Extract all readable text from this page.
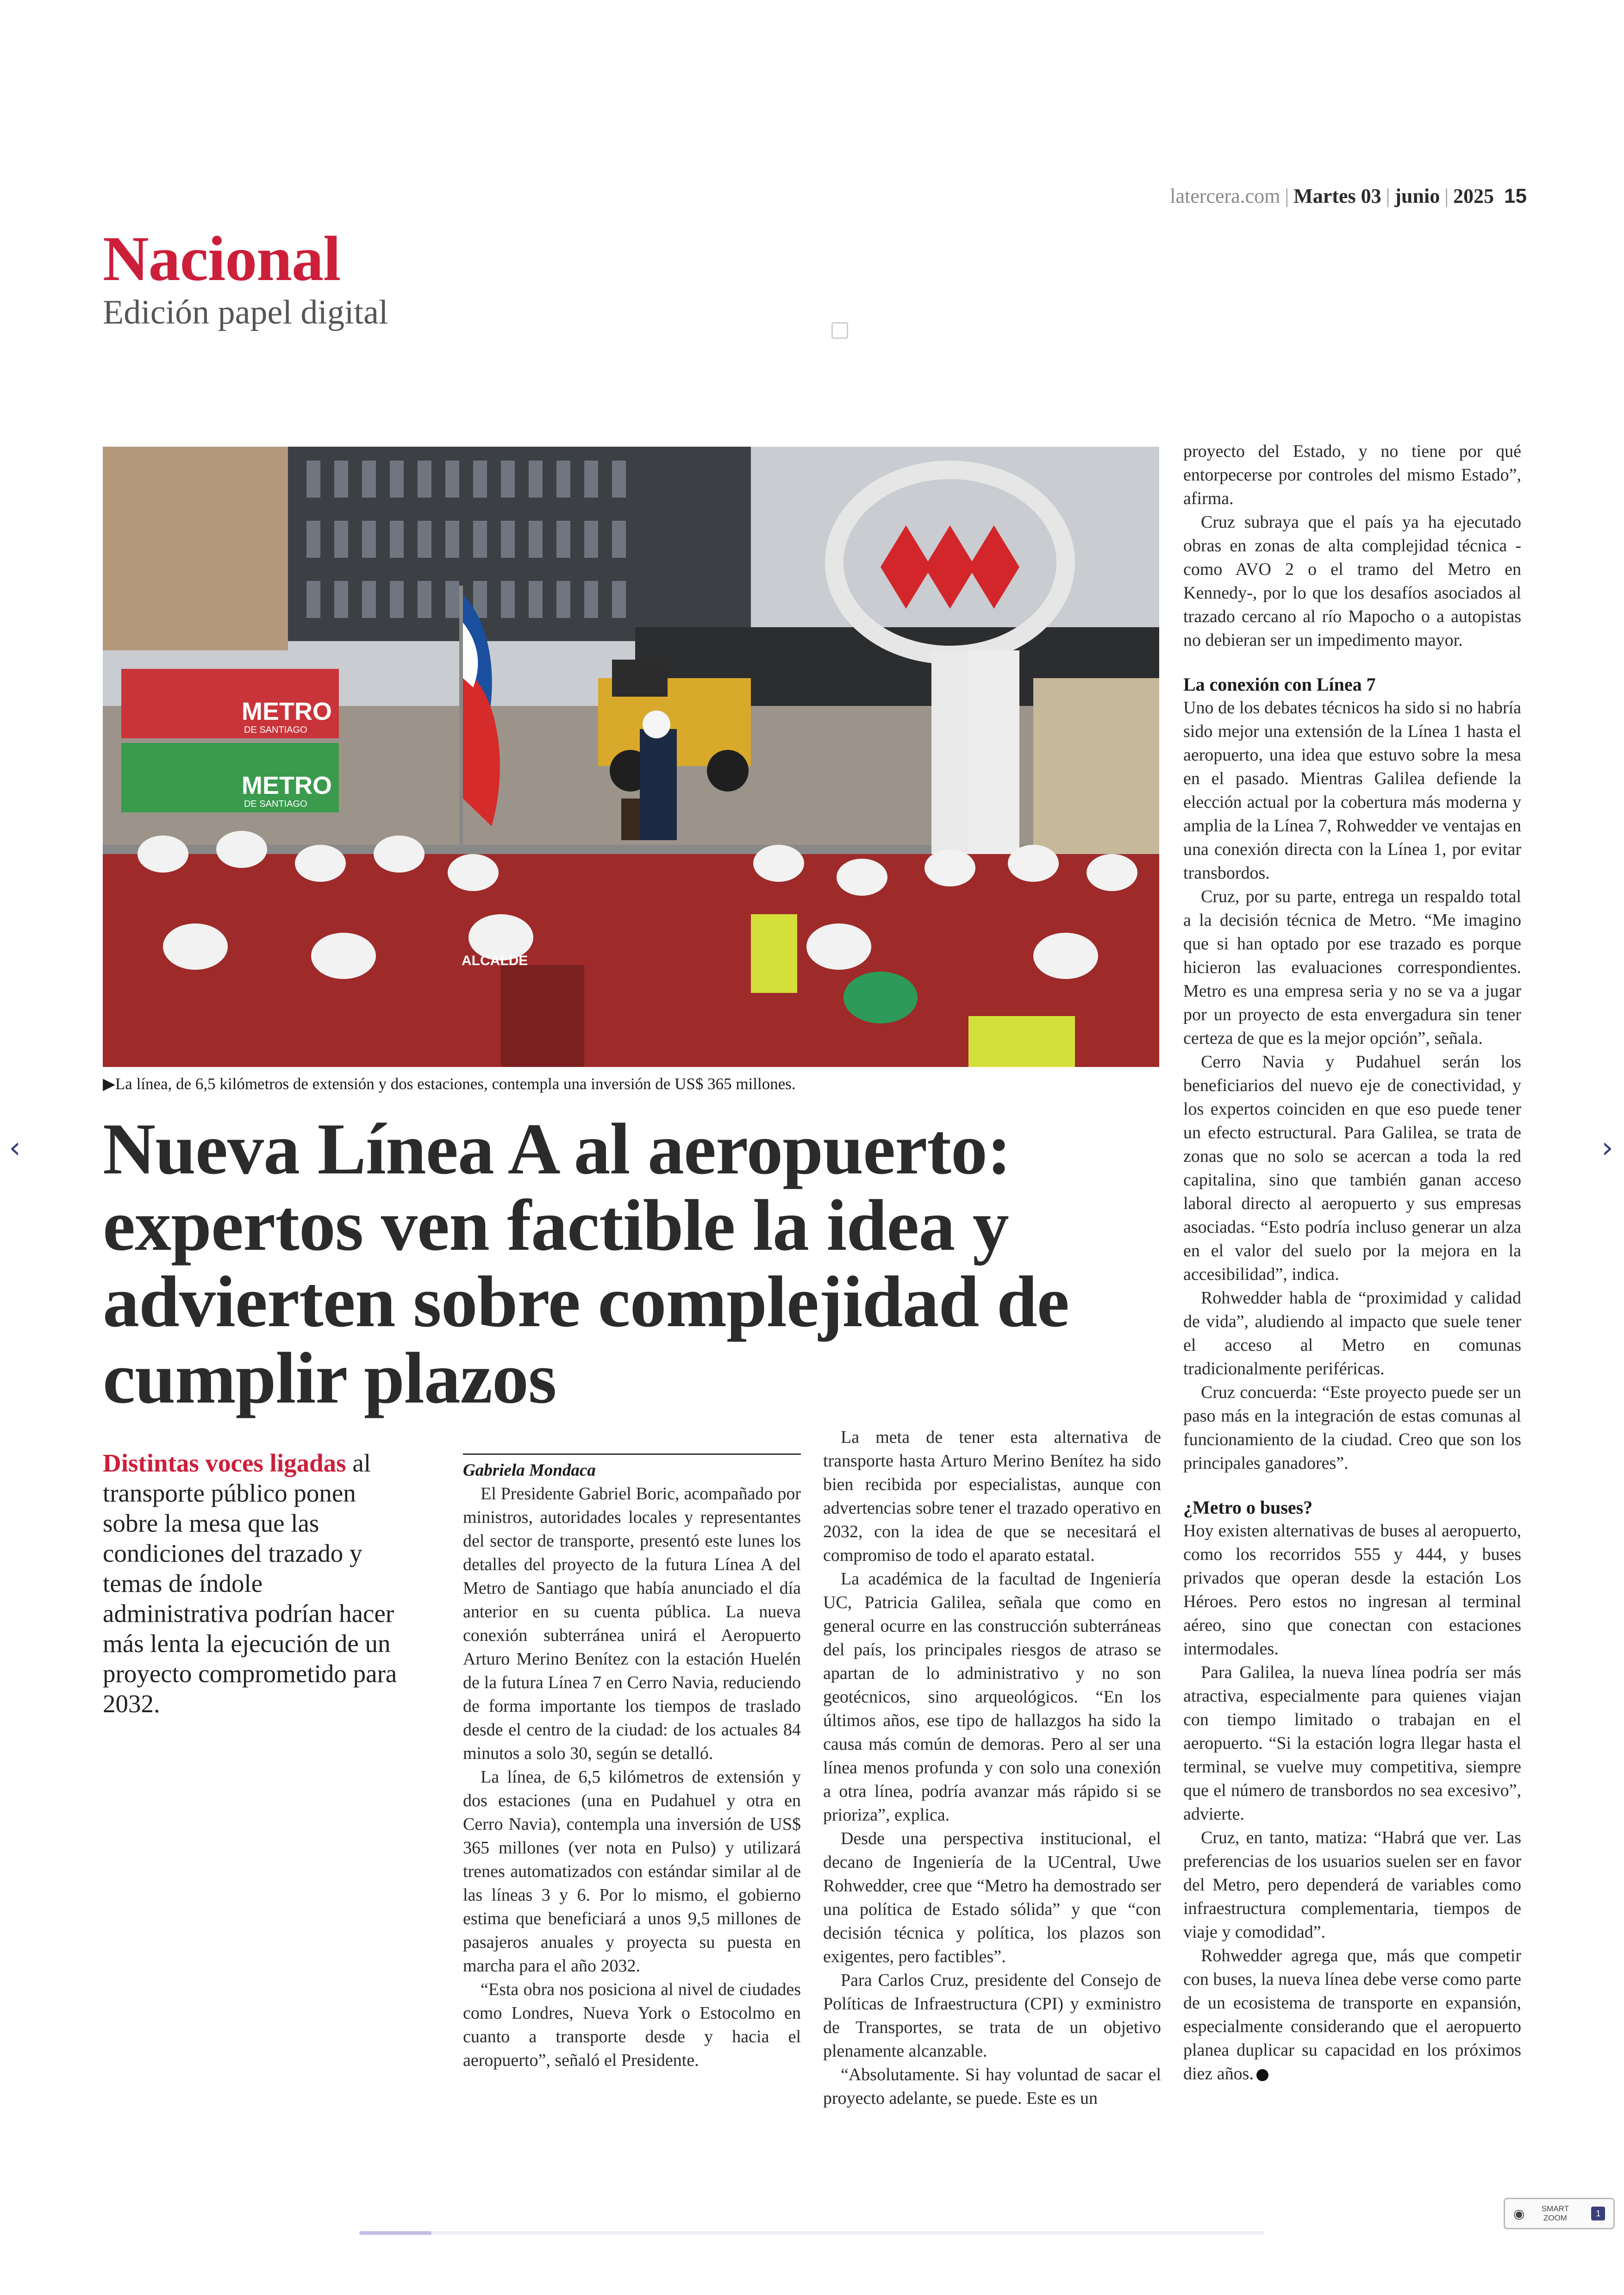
latercera.com | Martes 03 | junio | 2025 15
Nacional
Edición papel digital
METRO
DE SANTIAGO
METRO
DE SANTIAGO
ALCALDE
▶La línea, de 6,5 kilómetros de extensión y dos estaciones, contempla una inversión de US$ 365 millones.
Nueva Línea A al aeropuerto: expertos ven factible la idea y advierten sobre complejidad de cumplir plazos
Distintas voces ligadas al transporte público ponen sobre la mesa que las condiciones del trazado y temas de índole administrativa podrían hacer más lenta la ejecución de un proyecto comprometido para 2032.

Gabriela Mondaca

El Presidente Gabriel Boric, acompañado por ministros, autoridades locales y representantes del sector de transporte, presentó este lunes los detalles del proyecto de la futura Línea A del Metro de Santiago que había anunciado el día anterior en su cuenta pública. La nueva conexión subterránea unirá el Aeropuerto Arturo Merino Benítez con la estación Huelén de la futura Línea 7 en Cerro Navia, reduciendo de forma importante los tiempos de traslado desde el centro de la ciudad: de los actuales 84 minutos a solo 30, según se detalló.

La línea, de 6,5 kilómetros de extensión y dos estaciones (una en Pudahuel y otra en Cerro Navia), contempla una inversión de US$ 365 millones (ver nota en Pulso) y utilizará trenes automatizados con estándar similar al de las líneas 3 y 6. Por lo mismo, el gobierno estima que beneficiará a unos 9,5 millones de pasajeros anuales y proyecta su puesta en marcha para el año 2032.

“Esta obra nos posiciona al nivel de ciudades como Londres, Nueva York o Estocolmo en cuanto a transporte desde y hacia el aeropuerto”, señaló el Presidente.

La meta de tener esta alternativa de transporte hasta Arturo Merino Benítez ha sido bien recibida por especialistas, aunque con advertencias sobre tener el trazado operativo en 2032, con la idea de que se necesitará el compromiso de todo el aparato estatal.

La académica de la facultad de Ingeniería UC, Patricia Galilea, señala que como en general ocurre en las construcción subterráneas del país, los principales riesgos de atraso se apartan de lo administrativo y no son geotécnicos, sino arqueológicos. “En los últimos años, ese tipo de hallazgos ha sido la causa más común de demoras. Pero al ser una línea menos profunda y con solo una conexión a otra línea, podría avanzar más rápido si se prioriza”, explica.

Desde una perspectiva institucional, el decano de Ingeniería de la UCentral, Uwe Rohwedder, cree que “Metro ha demostrado ser una política de Estado sólida” y que “con decisión técnica y política, los plazos son exigentes, pero factibles”.

Para Carlos Cruz, presidente del Consejo de Políticas de Infraestructura (CPI) y exministro de Transportes, se trata de un objetivo plenamente alcanzable.

“Absolutamente. Si hay voluntad de sacar el proyecto adelante, se puede. Este es un

proyecto del Estado, y no tiene por qué entorpecerse por controles del mismo Estado”, afirma.

Cruz subraya que el país ya ha ejecutado obras en zonas de alta complejidad técnica -como AVO 2 o el tramo del Metro en Kennedy-, por lo que los desafíos asociados al trazado cercano al río Mapocho o a autopistas no debieran ser un impedimento mayor.

La conexión con Línea 7

Uno de los debates técnicos ha sido si no habría sido mejor una extensión de la Línea 1 hasta el aeropuerto, una idea que estuvo sobre la mesa en el pasado. Mientras Galilea defiende la elección actual por la cobertura más moderna y amplia de la Línea 7, Rohwedder ve ventajas en una conexión directa con la Línea 1, por evitar transbordos.

Cruz, por su parte, entrega un respaldo total a la decisión técnica de Metro. “Me imagino que si han optado por ese trazado es porque hicieron las evaluaciones correspondientes. Metro es una empresa seria y no se va a jugar por un proyecto de esta envergadura sin tener certeza de que es la mejor opción”, señala.

Cerro Navia y Pudahuel serán los beneficiarios del nuevo eje de conectividad, y los expertos coinciden en que eso puede tener un efecto estructural. Para Galilea, se trata de zonas que no solo se acercan a toda la red capitalina, sino que también ganan acceso laboral directo al aeropuerto y sus empresas asociadas. “Esto podría incluso generar un alza en el valor del suelo por la mejora en la accesibilidad”, indica.

Rohwedder habla de “proximidad y calidad de vida”, aludiendo al impacto que suele tener el acceso al Metro en comunas tradicionalmente periféricas.

Cruz concuerda: “Este proyecto puede ser un paso más en la integración de estas comunas al funcionamiento de la ciudad. Creo que son los principales ganadores”.

¿Metro o buses?

Hoy existen alternativas de buses al aeropuerto, como los recorridos 555 y 444, y buses privados que operan desde la estación Los Héroes. Pero estos no ingresan al terminal aéreo, sino que conectan con estaciones intermodales.

Para Galilea, la nueva línea podría ser más atractiva, especialmente para quienes viajan con tiempo limitado o trabajan en el aeropuerto. “Si la estación logra llegar hasta el terminal, se vuelve muy competitiva, siempre que el número de transbordos no sea excesivo”, advierte.

Cruz, en tanto, matiza: “Habrá que ver. Las preferencias de los usuarios suelen ser en favor del Metro, pero dependerá de variables como infraestructura complementaria, tiempos de viaje y comodidad”.

Rohwedder agrega que, más que competir con buses, la nueva línea debe verse como parte de un ecosistema de transporte en expansión, especialmente considerando que el aeropuerto planea duplicar su capacidad en los próximos diez años.

‹	›
◉	SMART
ZOOM	1
